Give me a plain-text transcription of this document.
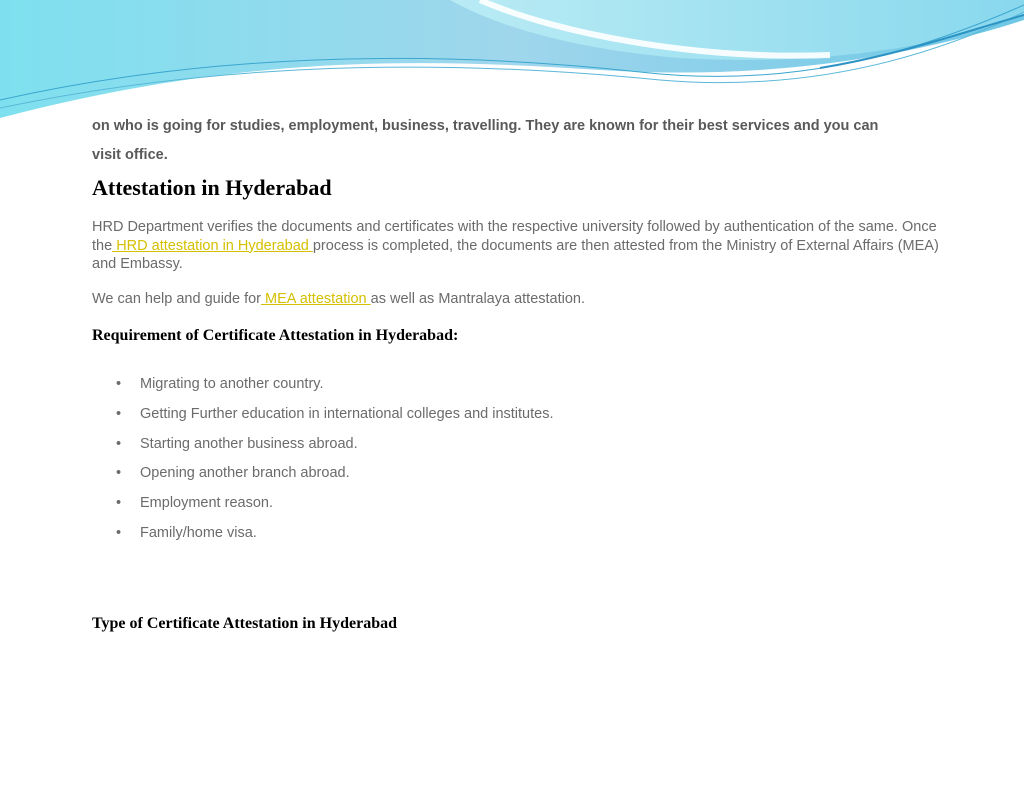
on who is going for studies, employment, business, travelling. They are known for their best services and you can
visit office.
Attestation in Hyderabad
HRD Department verifies the documents and certificates with the respective university followed by authentication of the same. Once the HRD attestation in Hyderabad process is completed, the documents are then attested from the Ministry of External Affairs (MEA) and Embassy.
We can help and guide for MEA attestation as well as Mantralaya attestation.
Requirement of Certificate Attestation in Hyderabad:
• Migrating to another country.
• Getting Further education in international colleges and institutes.
• Starting another business abroad.
• Opening another branch abroad.
• Employment reason.
• Family/home visa.
Type of Certificate Attestation in Hyderabad
